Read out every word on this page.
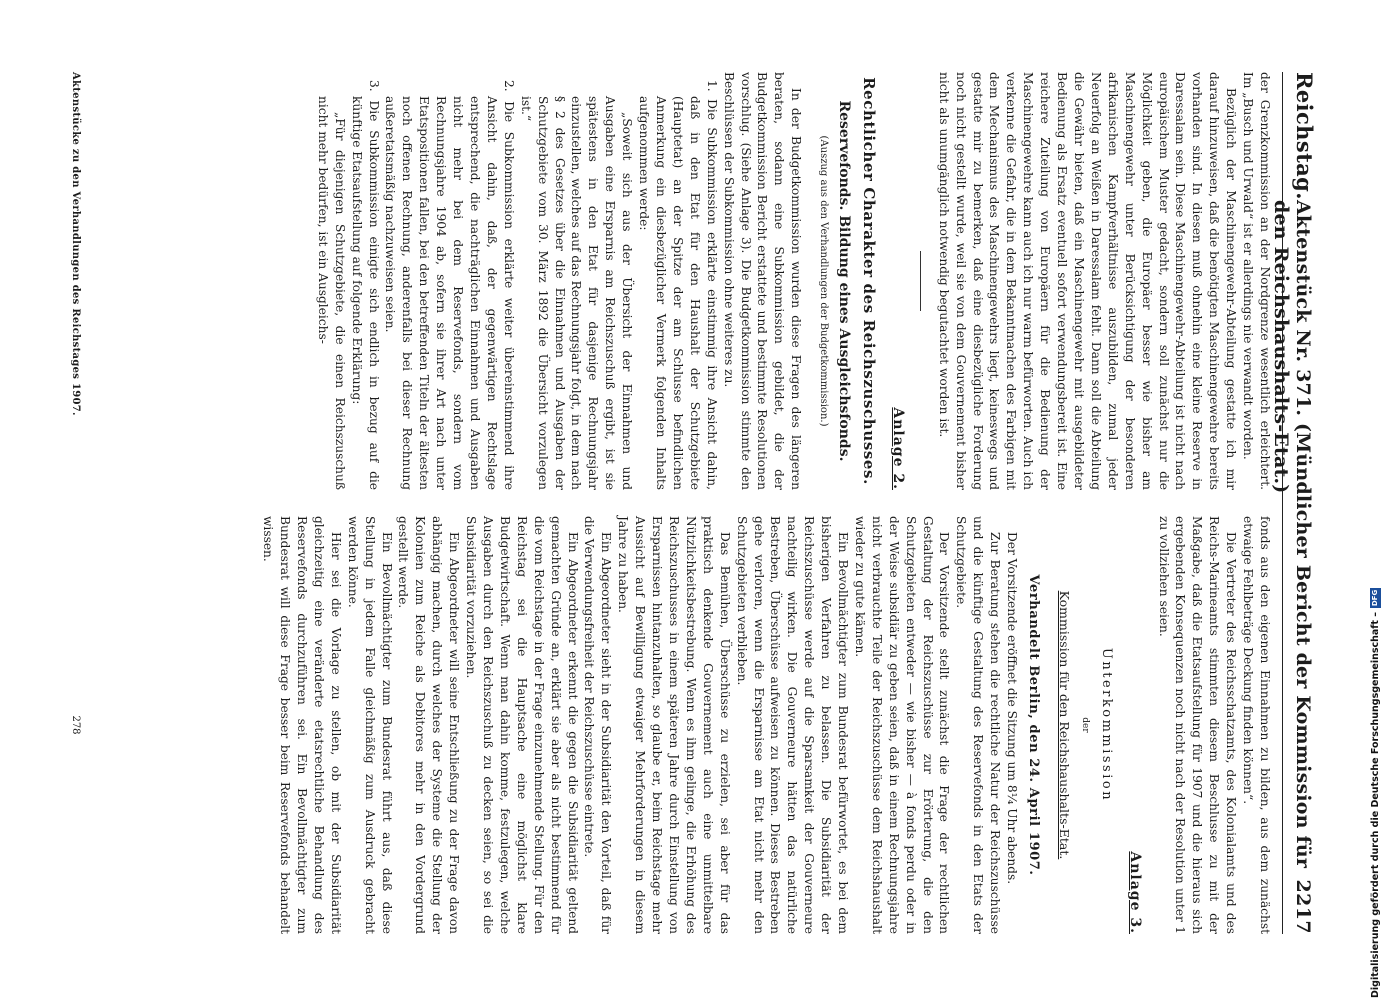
Reichstag.
Aktenstück Nr. 371. (Mündlicher Bericht der Kommission für den Reichshaushalts-Etat.)
2217

der Grenzkommission an der Nordgrenze wesentlich erleichtert. Im „Busch und Urwald“ ist er allerdings nie verwandt worden.

Bezüglich der Maschinengewehr-Abteilung gestatte ich mir darauf hinzuweisen, daß die benötigten Maschinengewehre bereits vorhanden sind. In diesen muß ohnehin eine kleine Reserve in Daressalam sein. Diese Maschinengewehr-Abteilung ist nicht nach europäischem Muster gedacht, sondern soll zunächst nur die Möglichkeit geben, die Europäer besser wie bisher am Maschinengewehr unter Berücksichtigung der besonderen afrikanischen Kampfverhältnisse auszubilden, zumal jeder Neuerfolg an Weißen in Daressalam fehlt. Dann soll die Abteilung die Gewähr bieten, daß ein Maschinengewehr mit ausgebildeter Bedienung als Ersatz eventuell sofort verwendungsbereit ist. Eine reichere Zuteilung von Europäern für die Bedienung der Maschinengewehre kann auch ich nur warm befürworten. Auch ich verkenne die Gefahr, die in dem Bekanntmachen des Farbigen mit dem Mechanismus des Maschinengewehrs liegt, keineswegs und gestatte mir zu bemerken, daß eine diesbezügliche Forderung noch nicht gestellt wurde, weil sie von dem Gouvernement bisher nicht als unumgänglich notwendig begutachtet worden ist.

Anlage 2.
Rechtlicher Charakter des Reichszuschusses.
Reservefonds. Bildung eines Ausgleichsfonds.
(Auszug aus den Verhandlungen der Budgetkommission.)

In der Budgetkommission wurden diese Fragen des längeren beraten, sodann eine Subkommission gebildet, die der Budgetkommission Bericht erstattete und bestimmte Resolutionen vorschlug. (Siehe Anlage 3). Die Budgetkommission stimmte den Beschlüssen der Subkommission ohne weiteres zu.

1. Die Subkommission erklärte einstimmig ihre Ansicht dahin, daß in den Etat für den Haushalt der Schutzgebiete (Hauptetat) an der Spitze der am Schlusse befindlichen Anmerkung ein diesbezüglicher Vermerk folgenden Inhalts aufgenommen werde:

„Soweit sich aus der Übersicht der Einnahmen und Ausgaben eine Ersparnis am Reichszuschuß ergibt, ist sie spätestens in den Etat für dasjenige Rechnungsjahr einzustellen, welches auf das Rechnungsjahr folgt, in dem nach § 2 des Gesetzes über die Einnahmen und Ausgaben der Schutzgebiete vom 30. März 1892 die Übersicht vorzulegen ist.“

2. Die Subkommission erklärte weiter übereinstimmend ihre Ansicht dahin, daß, der gegenwärtigen Rechtslage entsprechend, die nachträglichen Einnahmen und Ausgaben nicht mehr bei dem Reservefonds, sondern vom Rechnungsjahre 1904 ab, sofern sie ihrer Art nach unter Etatspositionen fallen, bei den betreffenden Titeln der ältesten noch offenen Rechnung, anderenfalls bei dieser Rechnung außeretatsmäßig nachzuweisen seien.

3. Die Subkommission einigte sich endlich in bezug auf die künftige Etatsaufstellung auf folgende Erklärung:

„Für diejenigen Schutzgebiete, die einen Reichszuschuß nicht mehr bedürfen, ist ein Ausgleichs-

fonds aus den eigenen Einnahmen zu bilden, aus dem zunächst etwaige Fehlbeträge Deckung finden können“.

Die Vertreter des Reichsschatzamts, des Kolonialamts und des Reichs-Marineamts stimmten diesem Beschlusse zu mit der Maßgabe, daß die Etatsaufstellung für 1907 und die hieraus sich ergebenden Konsequenzen noch nicht nach der Resolution unter 1 zu vollziehen seien.

Anlage 3.
Unterkommission
der
Kommission für den Reichshaushalts-Etat.
Verhandelt Berlin, den 24. April 1907.

Der Vorsitzende eröffnet die Sitzung um 8¼ Uhr abends.

Zur Beratung stehen die rechtliche Natur der Reichszuschüsse und die künftige Gestaltung des Reservefonds in den Etats der Schutzgebiete.

Der Vorsitzende stellt zunächst die Frage der rechtlichen Gestaltung der Reichszuschüsse zur Erörterung, die den Schutzgebieten entweder — wie bisher — à fonds perdu oder in der Weise subsidiär zu geben seien, daß in einem Rechnungsjahre nicht verbrauchte Teile der Reichszuschüsse dem Reichshaushalt wieder zu gute kämen.

Ein Bevollmächtigter zum Bundesrat befürwortet, es bei dem bisherigen Verfahren zu belassen. Die Subsidiarität der Reichszuschüsse werde auf die Sparsamkeit der Gouverneure nachteilig wirken. Die Gouverneure hätten das natürliche Bestreben, Überschüsse aufweisen zu können. Dieses Bestreben gehe verloren, wenn die Ersparnisse am Etat nicht mehr den Schutzgebieten verblieben.

Das Bemühen, Überschüsse zu erzielen, sei aber für das praktisch denkende Gouvernement auch eine unmittelbare Nützlichkeitsbestrebung. Wenn es ihm gelinge, die Erhöhung des Reichszuschusses in einem späteren Jahre durch Einstellung von Ersparnissen hintanzuhalten, so glaube er, beim Reichstage mehr Aussicht auf Bewilligung etwaiger Mehrforderungen in diesem Jahre zu haben.

Ein Abgeordneter sieht in der Subsidiarität den Vorteil, daß für die Verwendungsfreiheit der Reichszuschüsse eintrete.

Ein Abgeordneter erkennt die gegen die Subsidiarität geltend gemachten Gründe an, erklärt sie aber als nicht bestimmend für die vom Reichstage in der Frage einzunehmende Stellung. Für den Reichstag sei die Hauptsache eine möglichst klare Budgetwirtschaft. Wenn man dahin komme, festzulegen, welche Ausgaben durch den Reichszuschuß zu decken seien, so sei die Subsidiarität vorzuziehen.

Ein Abgeordneter will seine Entschließung zu der Frage davon abhängig machen, durch welches der Systeme die Stellung der Kolonien zum Reiche als Debitores mehr in den Vordergrund gestellt werde.

Ein Bevollmächtigter zum Bundesrat führt aus, daß diese Stellung in jedem Falle gleichmäßig zum Ausdruck gebracht werden könne.

Hier sei die Vorlage zu stellen, ob mit der Subsidiarität gleichzeitig eine veränderte etatsrechtliche Behandlung des Reservefonds durchzuführen sei. Ein Bevollmächtigter zum Bundesrat will diese Frage besser beim Reservefonds behandelt wissen.

Aktenstücke zu den Verhandlungen des Reichstages 1907.
278	Digitalisierung gefördert durch die Deutsche Forschungsgemeinschaft –
DFG
